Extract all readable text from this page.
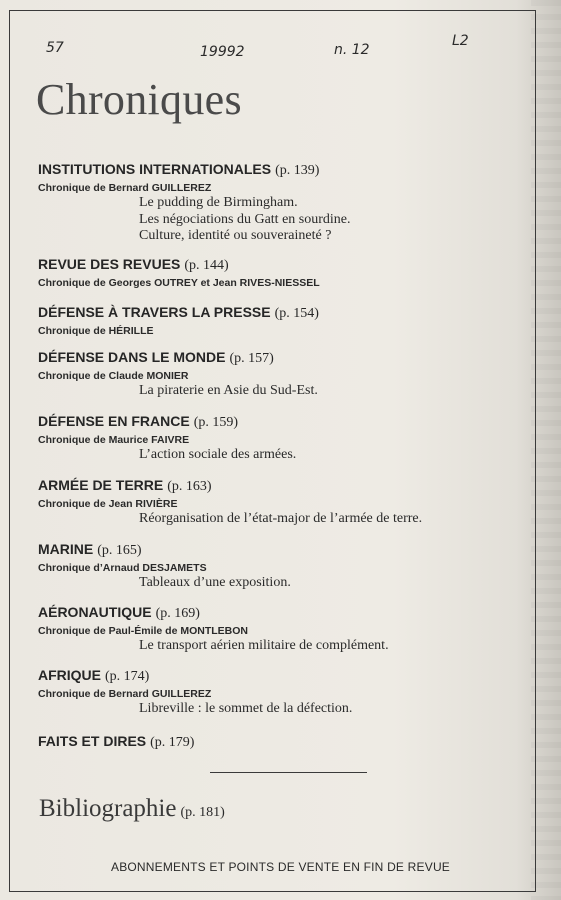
57	19992	n. 12
L2
Chroniques
INSTITUTIONS INTERNATIONALES (p. 139)
Chronique de Bernard GUILLEREZ
Le pudding de Birmingham.
Les négociations du Gatt en sourdine.
Culture, identité ou souveraineté ?
REVUE DES REVUES (p. 144)
Chronique de Georges OUTREY et Jean RIVES-NIESSEL
DÉFENSE À TRAVERS LA PRESSE (p. 154)
Chronique de HÉRILLE
DÉFENSE DANS LE MONDE (p. 157)
Chronique de Claude MONIER
La piraterie en Asie du Sud-Est.
DÉFENSE EN FRANCE (p. 159)
Chronique de Maurice FAIVRE
L’action sociale des armées.
ARMÉE DE TERRE (p. 163)
Chronique de Jean RIVIÈRE
Réorganisation de l’état-major de l’armée de terre.
MARINE (p. 165)
Chronique d’Arnaud DESJAMETS
Tableaux d’une exposition.
AÉRONAUTIQUE (p. 169)
Chronique de Paul-Émile de MONTLEBON
Le transport aérien militaire de complément.
AFRIQUE (p. 174)
Chronique de Bernard GUILLEREZ
Libreville : le sommet de la défection.
FAITS ET DIRES (p. 179)
Bibliographie (p. 181)
ABONNEMENTS ET POINTS DE VENTE EN FIN DE REVUE
